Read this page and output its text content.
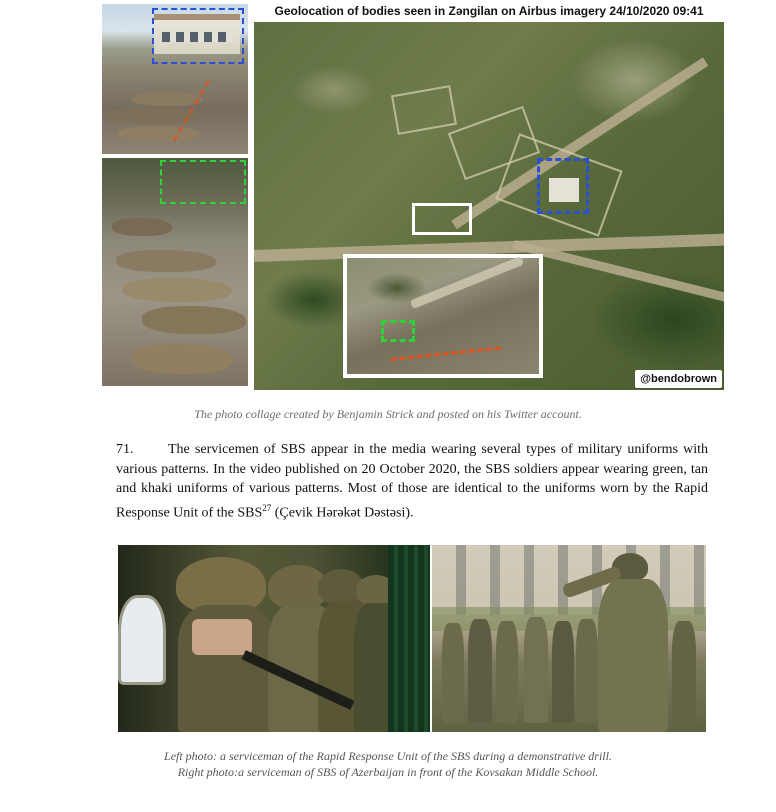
Geolocation of bodies seen in Zəngilan on Airbus imagery 24/10/2020 09:41
@bendobrown
The photo collage created by Benjamin Strick and posted on his Twitter account.
71. The servicemen of SBS appear in the media wearing several types of military uniforms with various patterns. In the video published on 20 October 2020, the SBS soldiers appear wearing green, tan and khaki uniforms of various patterns. Most of those are identical to the uniforms worn by the Rapid Response Unit of the SBS$^{27}$ (Çevik Hərəkət Dəstəsi).
Left photo: a serviceman of the Rapid Response Unit of the SBS during a demonstrative drill.
Right photo:a serviceman of SBS of Azerbaijan in front of the Kovsakan Middle School.
